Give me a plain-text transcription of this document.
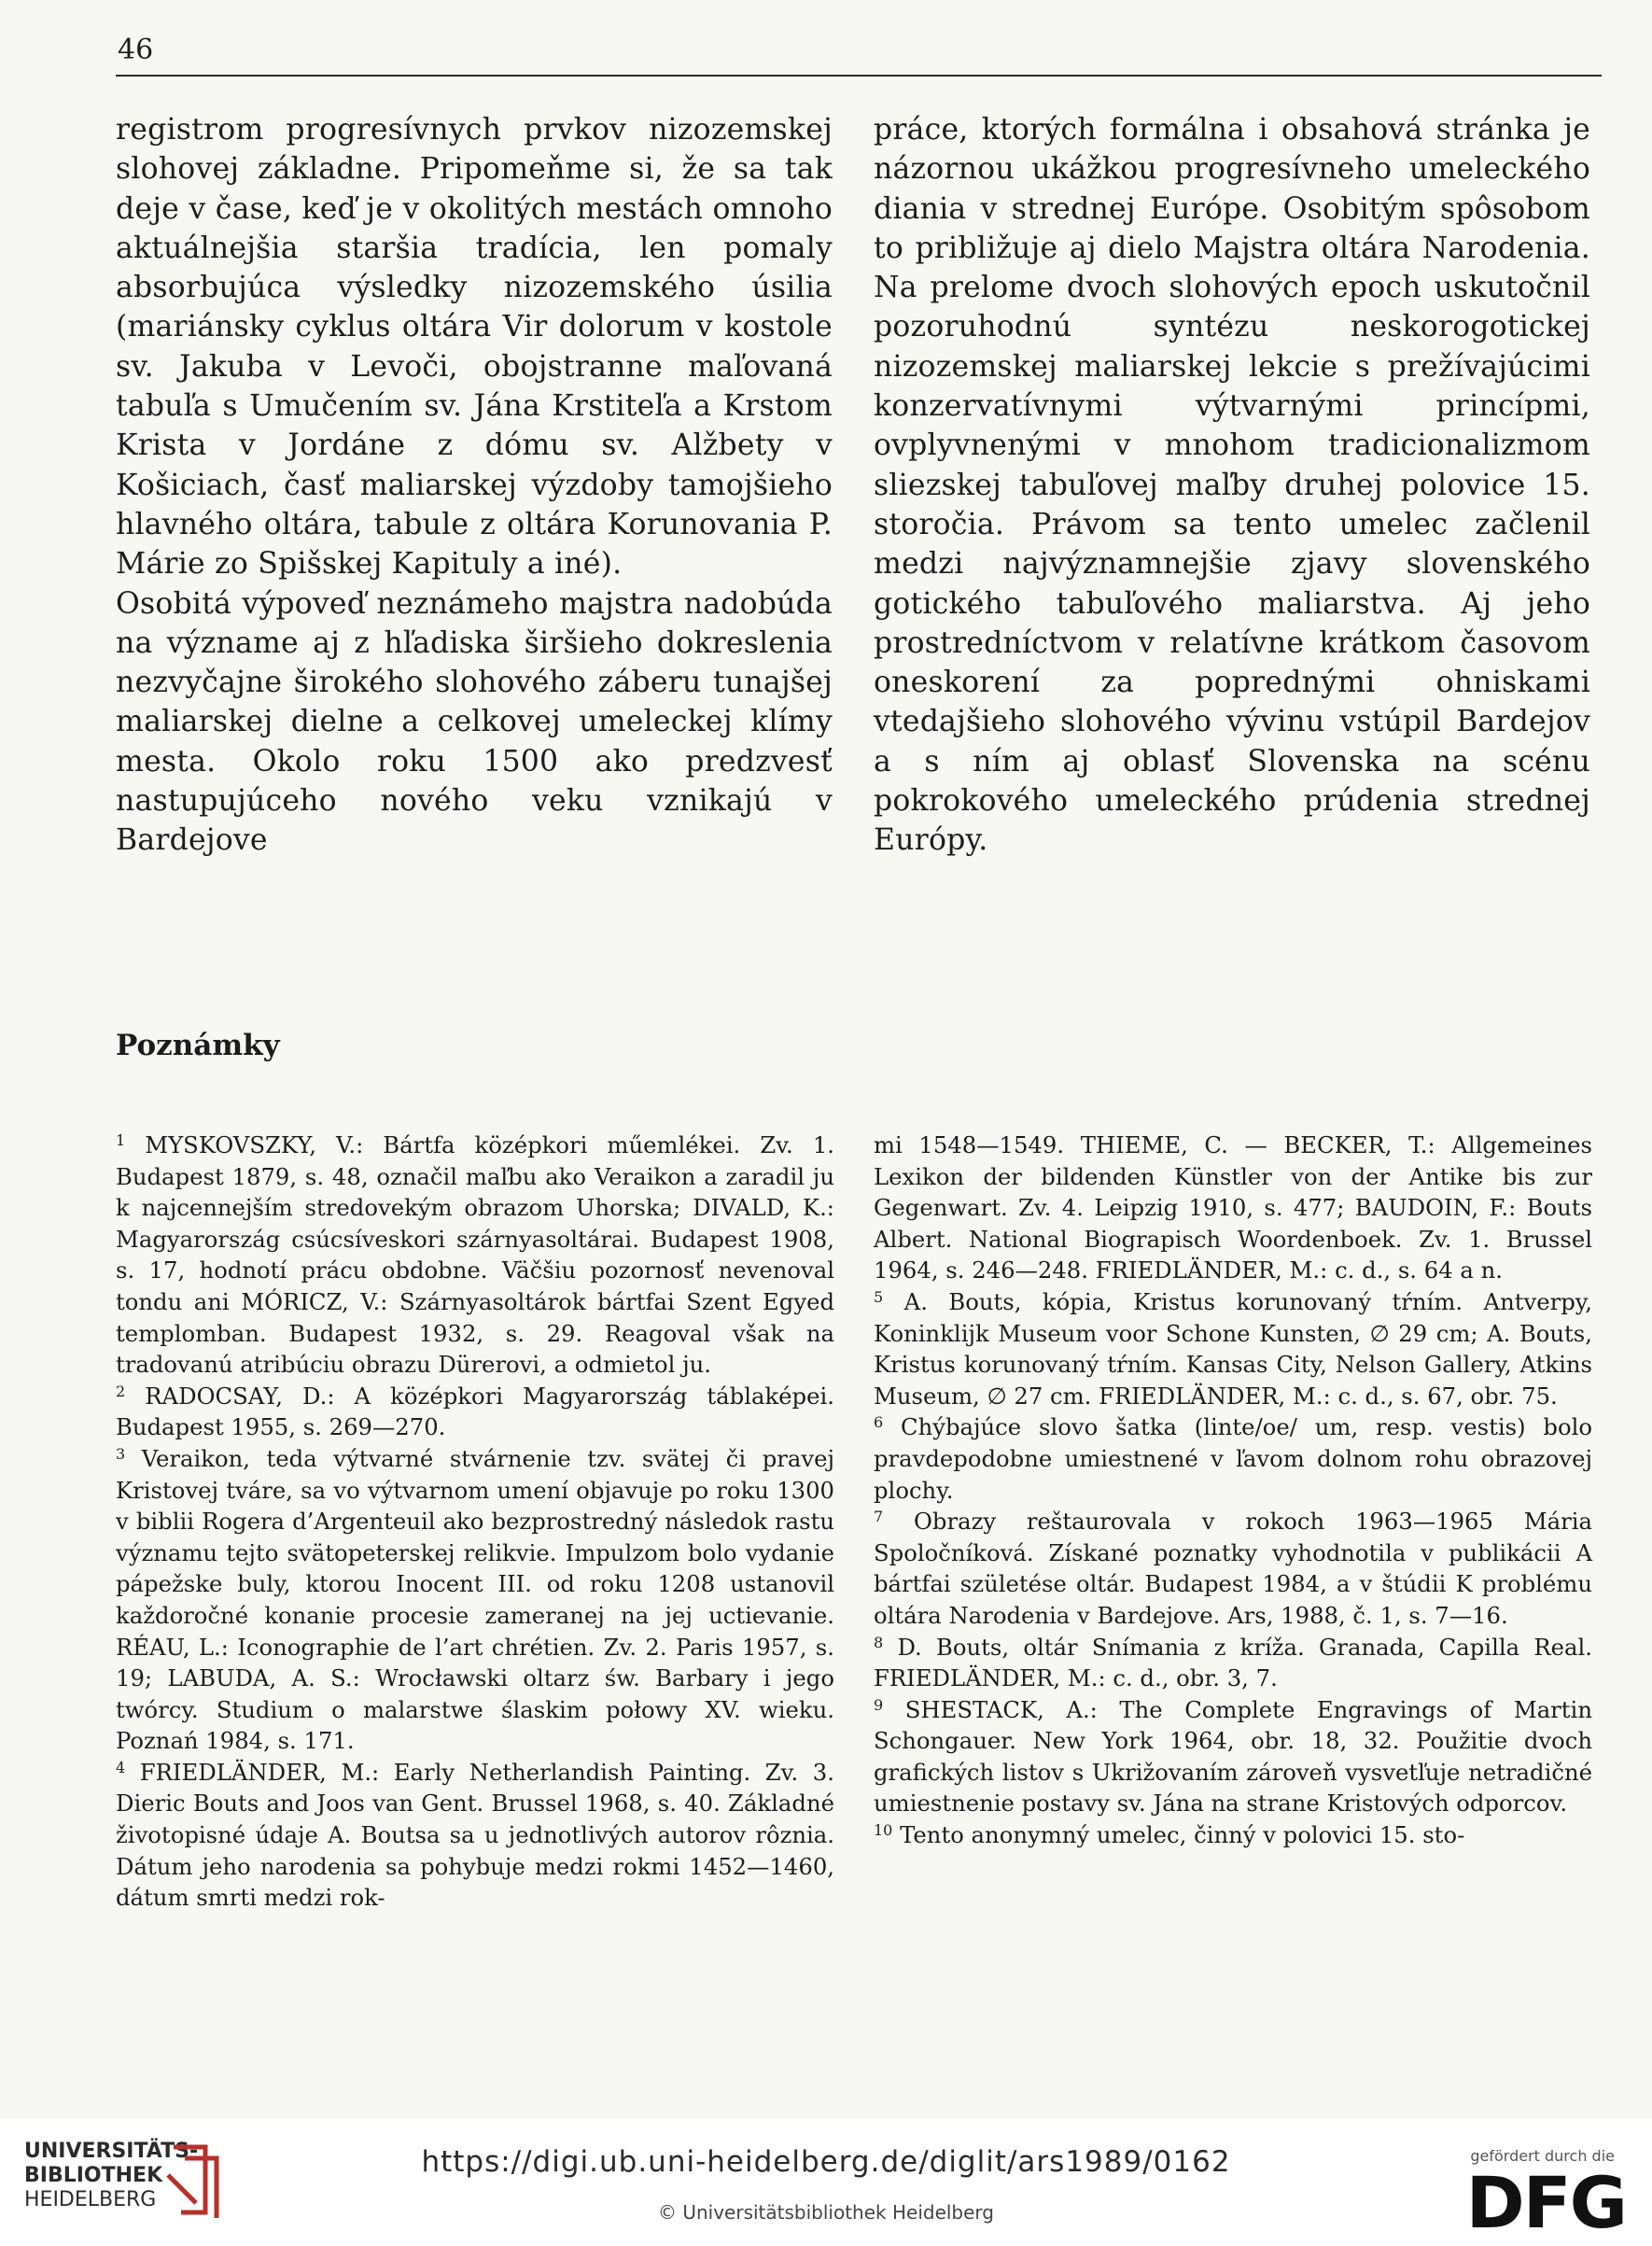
46

registrom progresívnych prvkov nizozemskej slohovej základne. Pripomeňme si, že sa tak deje v čase, keď je v okolitých mestách omnoho aktuálnejšia staršia tradícia, len pomaly absorbujúca výsledky nizozemského úsilia (mariánsky cyklus oltára Vir dolorum v kostole sv. Jakuba v Levoči, obojstranne maľovaná tabuľa s Umučením sv. Jána Krstiteľa a Krstom Krista v Jordáne z dómu sv. Alžbety v Košiciach, časť maliarskej výzdoby tamojšieho hlavného oltára, tabule z oltára Korunovania P. Márie zo Spišskej Kapituly a iné).

Osobitá výpoveď neznámeho majstra nadobúda na význame aj z hľadiska širšieho dokreslenia nezvyčajne širokého slohového záberu tunajšej maliarskej dielne a celkovej umeleckej klímy mesta. Okolo roku 1500 ako predzvesť nastupujúceho nového veku vznikajú v Bardejove

práce, ktorých formálna i obsahová stránka je názornou ukážkou progresívneho umeleckého diania v strednej Európe. Osobitým spôsobom to približuje aj dielo Majstra oltára Narodenia. Na prelome dvoch slohových epoch uskutočnil pozoruhodnú syntézu neskorogotickej nizozemskej maliarskej lekcie s prežívajúcimi konzervatívnymi výtvarnými princípmi, ovplyvnenými v mnohom tradicionalizmom sliezskej tabuľovej maľby druhej polovice 15. storočia. Právom sa tento umelec začlenil medzi najvýznamnejšie zjavy slovenského gotického tabuľového maliarstva. Aj jeho prostredníctvom v relatívne krátkom časovom oneskorení za poprednými ohniskami vtedajšieho slohového vývinu vstúpil Bardejov a s ním aj oblasť Slovenska na scénu pokrokového umeleckého prúdenia strednej Európy.

Poznámky

$^1$ MYSKOVSZKY, V.: Bártfa középkori műemlékei. Zv. 1. Budapest 1879, s. 48, označil maľbu ako Veraikon a zaradil ju k najcennejším stredovekým obrazom Uhorska; DIVALD, K.: Magyarország csúcsíveskori szárnyasoltárai. Budapest 1908, s. 17, hodnotí prácu obdobne. Väčšiu pozornosť nevenoval tondu ani MÓRICZ, V.: Szárnyasoltárok bártfai Szent Egyed templomban. Budapest 1932, s. 29. Reagoval však na tradovanú atribúciu obrazu Dürerovi, a odmietol ju.

$^2$ RADOCSAY, D.: A középkori Magyarország táblaképei. Budapest 1955, s. 269—270.

$^3$ Veraikon, teda výtvarné stvárnenie tzv. svätej či pravej Kristovej tváre, sa vo výtvarnom umení objavuje po roku 1300 v biblii Rogera d’Argenteuil ako bezprostredný následok rastu významu tejto svätopeterskej relikvie. Impulzom bolo vydanie pápežske buly, ktorou Inocent III. od roku 1208 ustanovil každoročné konanie procesie zameranej na jej uctievanie. RÉAU, L.: Iconographie de l’art chrétien. Zv. 2. Paris 1957, s. 19; LABUDA, A. S.: Wrocławski oltarz św. Barbary i jego twórcy. Studium o malarstwe ślaskim połowy XV. wieku. Poznań 1984, s. 171.

$^4$ FRIEDLÄNDER, M.: Early Netherlandish Painting. Zv. 3. Dieric Bouts and Joos van Gent. Brussel 1968, s. 40. Základné životopisné údaje A. Boutsa sa u jednotlivých autorov rôznia. Dátum jeho narodenia sa pohybuje medzi rokmi 1452—1460, dátum smrti medzi rok-

mi 1548—1549. THIEME, C. — BECKER, T.: Allgemeines Lexikon der bildenden Künstler von der Antike bis zur Gegenwart. Zv. 4. Leipzig 1910, s. 477; BAUDOIN, F.: Bouts Albert. National Biograpisch Woordenboek. Zv. 1. Brussel 1964, s. 246—248. FRIEDLÄNDER, M.: c. d., s. 64 a n.

$^5$ A. Bouts, kópia, Kristus korunovaný tŕním. Antverpy, Koninklijk Museum voor Schone Kunsten, ∅ 29 cm; A. Bouts, Kristus korunovaný tŕním. Kansas City, Nelson Gallery, Atkins Museum, ∅ 27 cm. FRIEDLÄNDER, M.: c. d., s. 67, obr. 75.

$^6$ Chýbajúce slovo šatka (linte/oe/ um, resp. vestis) bolo pravdepodobne umiestnené v ľavom dolnom rohu obrazovej plochy.

$^7$ Obrazy reštaurovala v rokoch 1963—1965 Mária Spoločníková. Získané poznatky vyhodnotila v publikácii A bártfai születése oltár. Budapest 1984, a v štúdii K problému oltára Narodenia v Bardejove. Ars, 1988, č. 1, s. 7—16.

$^8$ D. Bouts, oltár Snímania z kríža. Granada, Capilla Real. FRIEDLÄNDER, M.: c. d., obr. 3, 7.

$^9$ SHESTACK, A.: The Complete Engravings of Martin Schongauer. New York 1964, obr. 18, 32. Použitie dvoch grafických listov s Ukrižovaním zároveň vysvetľuje netradičné umiestnenie postavy sv. Jána na strane Kristových odporcov.

$^{10}$ Tento anonymný umelec, činný v polovici 15. sto-

UNIVERSITÄTS-
BIBLIOTHEK
HEIDELBERG
https://digi.ub.uni-heidelberg.de/diglit/ars1989/0162
© Universitätsbibliothek Heidelberg
gefördert durch die
DFG
